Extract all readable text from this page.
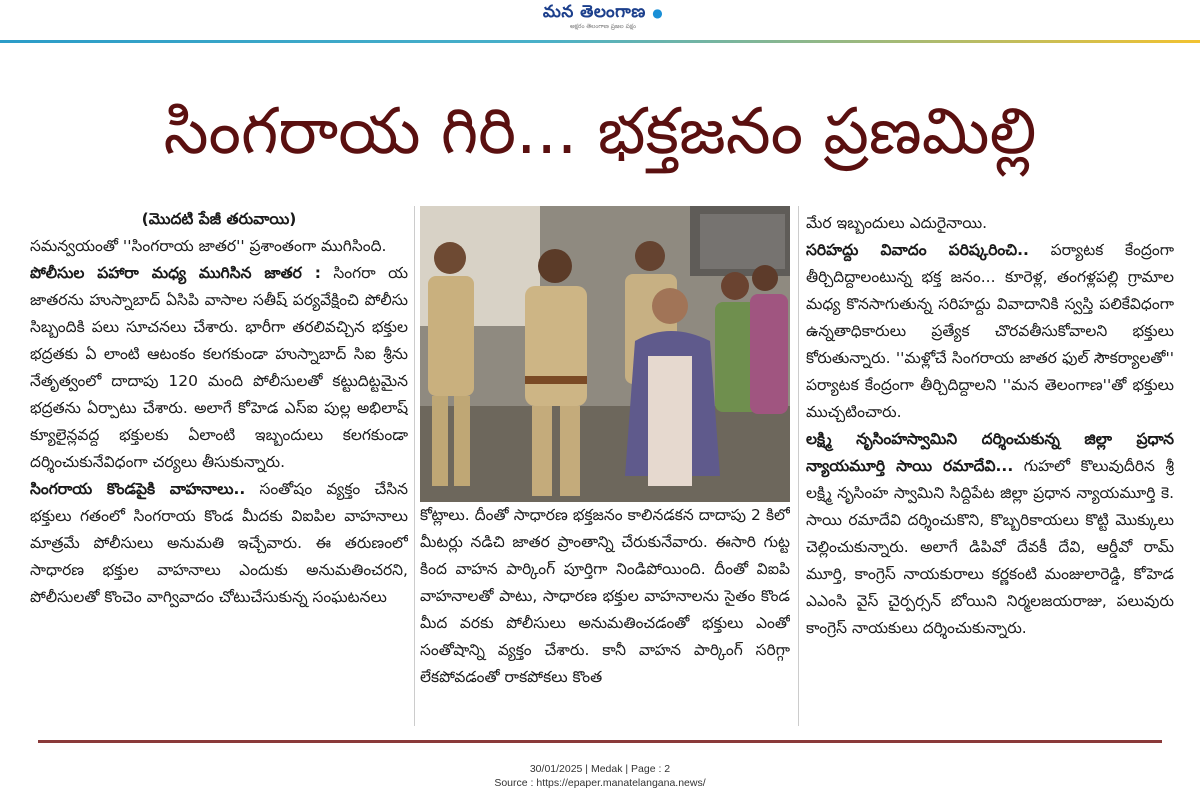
మన తెలంగాణ ●
అక్షరం తెలంగాణ ప్రజల పక్షం
సింగరాయ గిరి... భక్తజనం ప్రణమిల్లి

(మొదటి పేజీ తరువాయి)

సమన్వయంతో ''సింగరాయ జాతర'' ప్రశాంతంగా ముగిసింది.

పోలీసుల పహారా మధ్య ముగిసిన జాతర : సింగరా య జాతరను హుస్నాబాద్ ఏసిపి వాసాల సతీష్ పర్యవేక్షించి పోలీసు సిబ్బందికి పలు సూచనలు చేశారు. భారీగా తరలివచ్చిన భక్తుల భద్రతకు ఏ లాంటి ఆటంకం కలగకుండా హుస్నాబాద్ సిఐ శ్రీను నేతృత్వంలో దాదాపు 120 మంది పోలీసులతో కట్టుదిట్టమైన భద్రతను ఏర్పాటు చేశారు. అలాగే కోహెడ ఎస్ఐ పుల్ల అభిలాష్ క్యూలైన్లవద్ద భక్తులకు ఏలాంటి ఇబ్బందులు కలగకుండా దర్శించుకునేవిధంగా చర్యలు తీసుకున్నారు.

సింగరాయ కొండపైకి వాహనాలు.. సంతోషం వ్యక్తం చేసిన భక్తులు గతంలో సింగరాయ కొండ మీదకు విఐపిల వాహనాలు మాత్రమే పోలీసులు అనుమతి ఇచ్చేవారు. ఈ తరుణంలో సాధారణ భక్తుల వాహనాలు ఎందుకు అనుమతించరని, పోలీసులతో కొంచెం వాగ్వివాదం చోటుచేసుకున్న సంఘటనలు

కోట్లాలు. దీంతో సాధారణ భక్తజనం కాలినడకన దాదాపు 2 కిలో మీటర్లు నడిచి జాతర ప్రాంతాన్ని చేరుకునేవారు. ఈసారి గుట్ట కింద వాహన పార్కింగ్ పూర్తిగా నిండిపోయింది. దీంతో విఐపి వాహనాలతో పాటు, సాధారణ భక్తుల వాహనాలను సైతం కొండ మీద వరకు పోలీసులు అనుమతించడంతో భక్తులు ఎంతో సంతోషాన్ని వ్యక్తం చేశారు. కానీ వాహన పార్కింగ్ సరిగ్గా లేకపోవడంతో రాకపోకలు కొంత

మేర ఇబ్బందులు ఎదురైనాయి.

సరిహద్దు వివాదం పరిష్కరించి.. పర్యాటక కేంద్రంగా తీర్చిదిద్దాలంటున్న భక్త జనం... కూరెళ్ల, తంగళ్లపల్లి గ్రామాల మధ్య కొనసాగుతున్న సరిహద్దు వివాదానికి స్వస్తి పలికేవిధంగా ఉన్నతాధికారులు ప్రత్యేక చొరవతీసుకోవాలని భక్తులు కోరుతున్నారు. ''మళ్లోచే సింగరాయ జాతర ఫుల్ సౌకర్యాలతో'' పర్యాటక కేంద్రంగా తీర్చిదిద్దాలని ''మన తెలంగాణ''తో భక్తులు ముచ్చటించారు.

లక్ష్మి నృసింహస్వామిని దర్శించుకున్న జిల్లా ప్రధాన న్యాయమూర్తి సాయి రమాదేవి... గుహలో కొలువుదీరిన శ్రీ లక్ష్మి నృసింహ స్వామిని సిద్దిపేట జిల్లా ప్రధాన న్యాయమూర్తి కె. సాయి రమాదేవి దర్శించుకొని, కొబ్బరికాయలు కొట్టి మొక్కులు చెల్లించుకున్నారు. అలాగే డిపివో దేవకీ దేవి, ఆర్డీవో రామ్ మూర్తి, కాంగ్రెస్ నాయకురాలు కర్ణకంటి మంజులారెడ్డి, కోహెడ ఎఎంసి వైస్ చైర్పర్సన్ బోయిని నిర్మలజయరాజు, పలువురు కాంగ్రెస్ నాయకులు దర్శించుకున్నారు.

30/01/2025 | Medak | Page : 2
Source : https://epaper.manatelangana.news/
